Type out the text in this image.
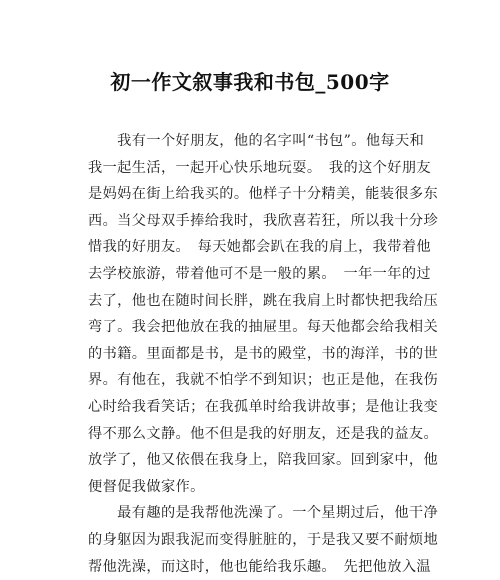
初一作文叙事我和书包_500字
　　我有一个好朋友，他的名字叫“书包”。他每天和
我一起生活，一起开心快乐地玩耍。　我的这个好朋友
是妈妈在街上给我买的。他样子十分精美，能装很多东
西。当父母双手捧给我时，我欣喜若狂，所以我十分珍
惜我的好朋友。　每天她都会趴在我的肩上，我带着他
去学校旅游，带着他可不是一般的累。　一年一年的过
去了，他也在随时间长胖，跳在我肩上时都快把我给压
弯了。我会把他放在我的抽屉里。每天他都会给我相关
的书籍。里面都是书，是书的殿堂，书的海洋，书的世
界。有他在，我就不怕学不到知识；也正是他，在我伤
心时给我看笑话；在我孤单时给我讲故事；是他让我变
得不那么文静。他不但是我的好朋友，还是我的益友。
放学了，他又依偎在我身上，陪我回家。回到家中，他
便督促我做家作。
　　最有趣的是我帮他洗澡了。一个星期过后，他干净
的身躯因为跟我泥而变得脏脏的，于是我又要不耐烦地
帮他洗澡，而这时，他也能给我乐趣。　先把他放入温
